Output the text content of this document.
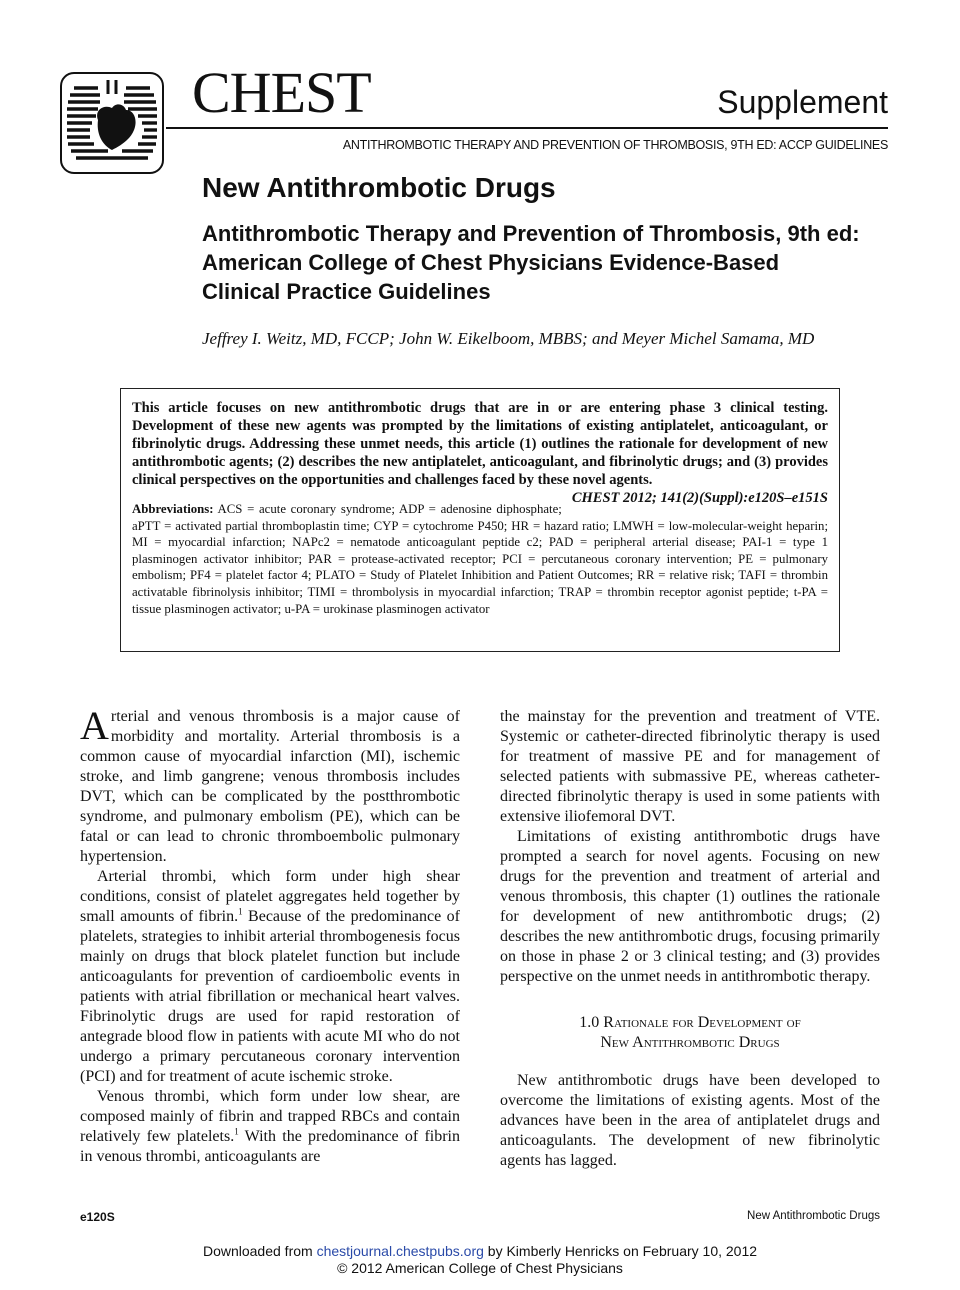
CHEST	Supplement
ANTITHROMBOTIC THERAPY AND PREVENTION OF THROMBOSIS, 9TH ED: ACCP GUIDELINES
New Antithrombotic Drugs
Antithrombotic Therapy and Prevention of Thrombosis, 9th ed: American College of Chest Physicians Evidence-Based Clinical Practice Guidelines
Jeffrey I. Weitz, MD, FCCP; John W. Eikelboom, MBBS; and Meyer Michel Samama, MD
This article focuses on new antithrombotic drugs that are in or are entering phase 3 clinical testing. Development of these new agents was prompted by the limitations of existing antiplatelet, anticoagulant, or fibrinolytic drugs. Addressing these unmet needs, this article (1) outlines the rationale for development of new antithrombotic agents; (2) describes the new antiplatelet, anticoagulant, and fibrinolytic drugs; and (3) provides clinical perspectives on the opportunities and challenges faced by these novel agents.
CHEST 2012; 141(2)(Suppl):e120S–e151S
Abbreviations: ACS = acute coronary syndrome; ADP = adenosine diphosphate; aPTT = activated partial thromboplastin time; CYP = cytochrome P450; HR = hazard ratio; LMWH = low-molecular-weight heparin; MI = myocardial infarction; NAPc2 = nematode anticoagulant peptide c2; PAD = peripheral arterial disease; PAI-1 = type 1 plasminogen activator inhibitor; PAR = protease-activated receptor; PCI = percutaneous coronary intervention; PE = pulmonary embolism; PF4 = platelet factor 4; PLATO = Study of Platelet Inhibition and Patient Outcomes; RR = relative risk; TAFI = thrombin activatable fibrinolysis inhibitor; TIMI = thrombolysis in myocardial infarction; TRAP = thrombin receptor agonist peptide; t-PA = tissue plasminogen activator; u-PA = urokinase plasminogen activator

Arterial and venous thrombosis is a major cause of morbidity and mortality. Arterial thrombosis is a common cause of myocardial infarction (MI), ischemic stroke, and limb gangrene; venous thrombosis includes DVT, which can be complicated by the postthrombotic syndrome, and pulmonary embolism (PE), which can be fatal or can lead to chronic thromboembolic pulmonary hypertension.

Arterial thrombi, which form under high shear conditions, consist of platelet aggregates held together by small amounts of fibrin.$^1$ Because of the predominance of platelets, strategies to inhibit arterial thrombogenesis focus mainly on drugs that block platelet function but include anticoagulants for prevention of cardioembolic events in patients with atrial fibrillation or mechanical heart valves. Fibrinolytic drugs are used for rapid restoration of antegrade blood flow in patients with acute MI who do not undergo a primary percutaneous coronary intervention (PCI) and for treatment of acute ischemic stroke.

Venous thrombi, which form under low shear, are composed mainly of fibrin and trapped RBCs and contain relatively few platelets.$^1$ With the predominance of fibrin in venous thrombi, anticoagulants are

the mainstay for the prevention and treatment of VTE. Systemic or catheter-directed fibrinolytic therapy is used for treatment of massive PE and for management of selected patients with submassive PE, whereas catheter-directed fibrinolytic therapy is used in some patients with extensive iliofemoral DVT.

Limitations of existing antithrombotic drugs have prompted a search for novel agents. Focusing on new drugs for the prevention and treatment of arterial and venous thrombosis, this chapter (1) outlines the rationale for development of new antithrombotic drugs; (2) describes the new antithrombotic drugs, focusing primarily on those in phase 2 or 3 clinical testing; and (3) provides perspective on the unmet needs in antithrombotic therapy.

1.0 Rationale for Development of
New Antithrombotic Drugs

New antithrombotic drugs have been developed to overcome the limitations of existing agents. Most of the advances have been in the area of antiplatelet drugs and anticoagulants. The development of new fibrinolytic agents has lagged.

e120S	New Antithrombotic Drugs
Downloaded from chestjournal.chestpubs.org by Kimberly Henricks on February 10, 2012
© 2012 American College of Chest Physicians
